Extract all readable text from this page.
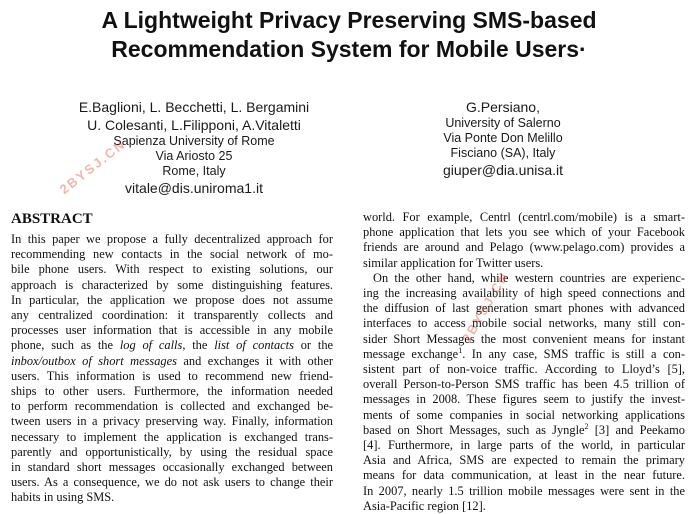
A Lightweight Privacy Preserving SMS-based
Recommendation System for Mobile Users·
E.Baglioni, L. Becchetti, L. Bergamini
U. Colesanti, L.Filipponi, A.Vitaletti
Sapienza University of Rome
Via Ariosto 25
Rome, Italy
vitale@dis.uniroma1.it
G.Persiano,
University of Salerno
Via Ponte Don Melillo
Fisciano (SA), Italy
giuper@dia.unisa.it
ABSTRACT
In this paper we propose a fully decentralized approach for
recommending new contacts in the social network of mo-
bile phone users. With respect to existing solutions, our
approach is characterized by some distinguishing features.
In particular, the application we propose does not assume
any centralized coordination: it transparently collects and
processes user information that is accessible in any mobile
phone, such as the log of calls, the list of contacts or the
inbox/outbox of short messages and exchanges it with other
users. This information is used to recommend new friend-
ships to other users. Furthermore, the information needed
to perform recommendation is collected and exchanged be-
tween users in a privacy preserving way. Finally, information
necessary to implement the application is exchanged trans-
parently and opportunistically, by using the residual space
in standard short messages occasionally exchanged between
users. As a consequence, we do not ask users to change their
habits in using SMS.
world. For example, Centrl (centrl.com/mobile) is a smart-
phone application that lets you see which of your Facebook
friends are around and Pelago (www.pelago.com) provides a
similar application for Twitter users.
On the other hand, while western countries are experienc-
ing the increasing availability of high speed connections and
the diffusion of last generation smart phones with advanced
interfaces to access mobile social networks, many still con-
sider Short Messages the most convenient means for instant
message exchange$^1$. In any case, SMS traffic is still a con-
sistent part of non-voice traffic. According to Lloyd’s [5],
overall Person-to-Person SMS traffic has been 4.5 trillion of
messages in 2008. These figures seem to justify the invest-
ments of some companies in social networking applications
based on Short Messages, such as Jyngle$^2$ [3] and Peekamo
[4]. Furthermore, in large parts of the world, in particular
Asia and Africa, SMS are expected to remain the primary
means for data communication, at least in the near future.
In 2007, nearly 1.5 trillion mobile messages were sent in the
Asia-Pacific region [12].
2BYSJ.CN
2BYSJ.CN
